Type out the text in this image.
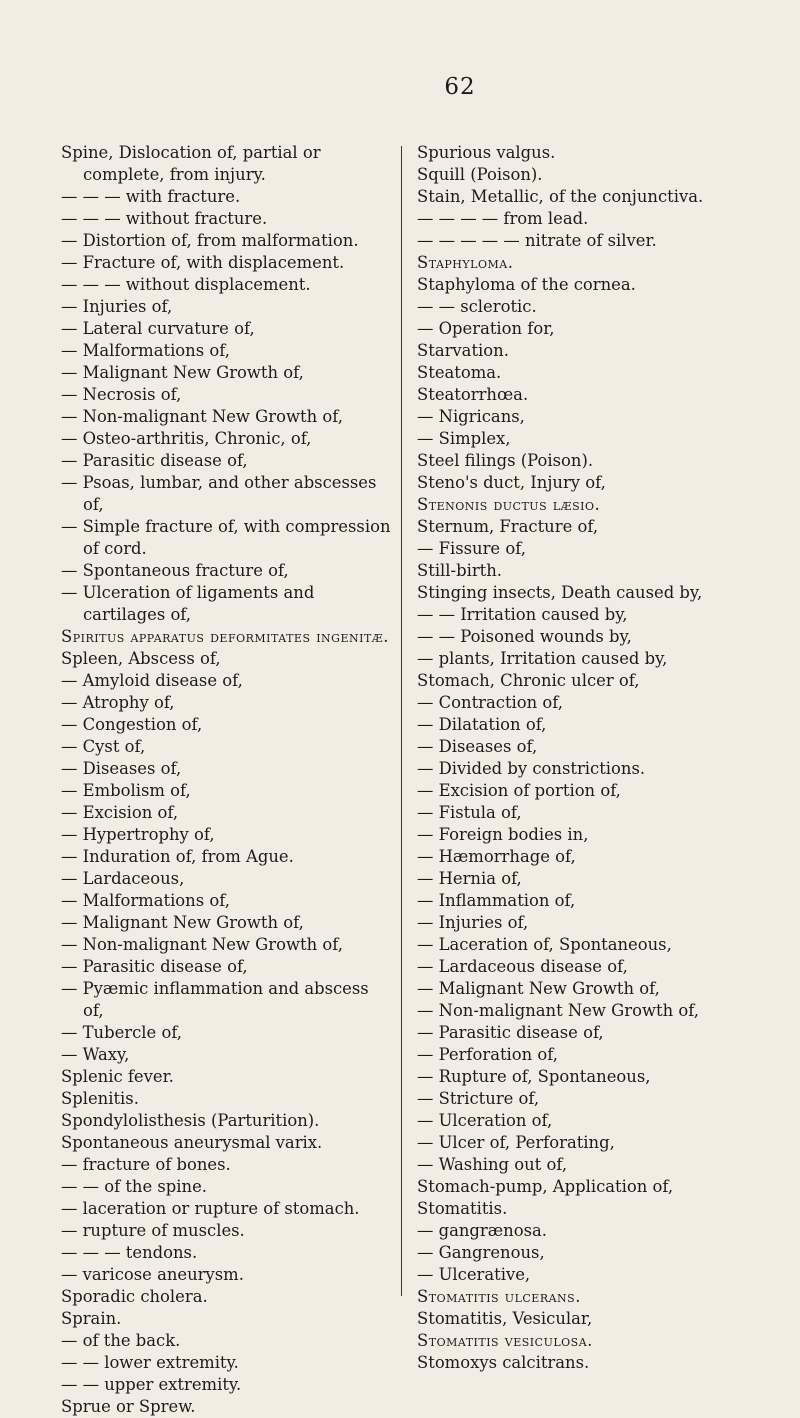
62
Spine, Dislocation of, partial or complete, from injury.
— — — with fracture.
— — — without fracture.
— Distortion of, from malformation.
— Fracture of, with displacement.
— — — without displacement.
— Injuries of,
— Lateral curvature of,
— Malformations of,
— Malignant New Growth of,
— Necrosis of,
— Non-malignant New Growth of,
— Osteo-arthritis, Chronic, of,
— Parasitic disease of,
— Psoas, lumbar, and other abscesses of,
— Simple fracture of, with compression of cord.
— Spontaneous fracture of,
— Ulceration of ligaments and cartilages of,
Spiritus apparatus deformitates ingenitæ.
Spleen, Abscess of,
— Amyloid disease of,
— Atrophy of,
— Congestion of,
— Cyst of,
— Diseases of,
— Embolism of,
— Excision of,
— Hypertrophy of,
— Induration of, from Ague.
— Lardaceous,
— Malformations of,
— Malignant New Growth of,
— Non-malignant New Growth of,
— Parasitic disease of,
— Pyæmic inflammation and abscess of,
— Tubercle of,
— Waxy,
Splenic fever.
Splenitis.
Spondylolisthesis (Parturition).
Spontaneous aneurysmal varix.
— fracture of bones.
— — of the spine.
— laceration or rupture of stomach.
— rupture of muscles.
— — — tendons.
— varicose aneurysm.
Sporadic cholera.
Sprain.
— of the back.
— — lower extremity.
— — upper extremity.
Sprue or Sprew.
Spurious valgus.
Squill (Poison).
Stain, Metallic, of the conjunctiva.
— — — — from lead.
— — — — — nitrate of silver.
Staphyloma.
Staphyloma of the cornea.
— — sclerotic.
— Operation for,
Starvation.
Steatoma.
Steatorrhœa.
— Nigricans,
— Simplex,
Steel filings (Poison).
Steno's duct, Injury of,
Stenonis ductus læsio.
Sternum, Fracture of,
— Fissure of,
Still-birth.
Stinging insects, Death caused by,
— — Irritation caused by,
— — Poisoned wounds by,
— plants, Irritation caused by,
Stomach, Chronic ulcer of,
— Contraction of,
— Dilatation of,
— Diseases of,
— Divided by constrictions.
— Excision of portion of,
— Fistula of,
— Foreign bodies in,
— Hæmorrhage of,
— Hernia of,
— Inflammation of,
— Injuries of,
— Laceration of, Spontaneous,
— Lardaceous disease of,
— Malignant New Growth of,
— Non-malignant New Growth of,
— Parasitic disease of,
— Perforation of,
— Rupture of, Spontaneous,
— Stricture of,
— Ulceration of,
— Ulcer of, Perforating,
— Washing out of,
Stomach-pump, Application of,
Stomatitis.
— gangrænosa.
— Gangrenous,
— Ulcerative,
Stomatitis ulcerans.
Stomatitis, Vesicular,
Stomatitis vesiculosa.
Stomoxys calcitrans.
